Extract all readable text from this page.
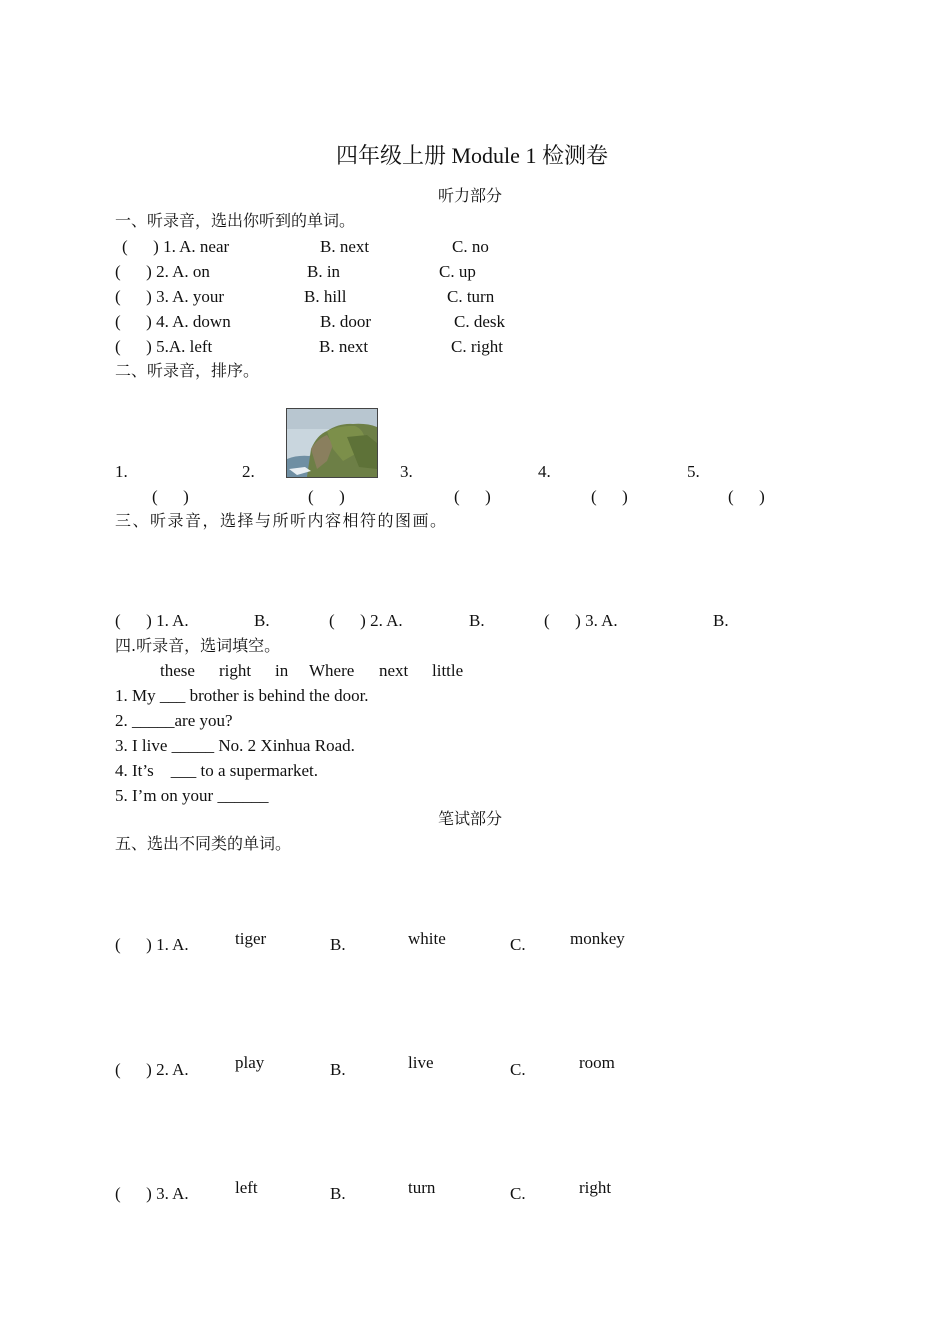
四年级上册 Module 1 检测卷
听力部分
一、听录音，选出你听到的单词。
(      ) 1. A. near	B. next	C. no
(      ) 2. A. on	B. in	C. up
(      ) 3. A. your	B. hill	C. turn
(      ) 4. A. down	B. door	C. desk
(      ) 5.A. left	B. next	C. right
二、听录音，排序。
1.	2.	3.	4.	5.
(      )	(      )	(      )	(      )	(      )
三、听录音，选择与所听内容相符的图画。
(      ) 1. A.	B.	(      ) 2. A.	B.	(      ) 3. A.	B.
四.听录音，选词填空。
these right in Where next little
1. My ___ brother is behind the door.
2. _____are you?
3. I live _____ No. 2 Xinhua Road.
4. It’s    ___ to a supermarket.
5. I’m on your ______
笔试部分
五、选出不同类的单词。
(      ) 1. A.	tiger	B.	white	C.	monkey
(      ) 2. A.	play	B.	live	C.	room
(      ) 3. A.	left	B.	turn	C.	right
